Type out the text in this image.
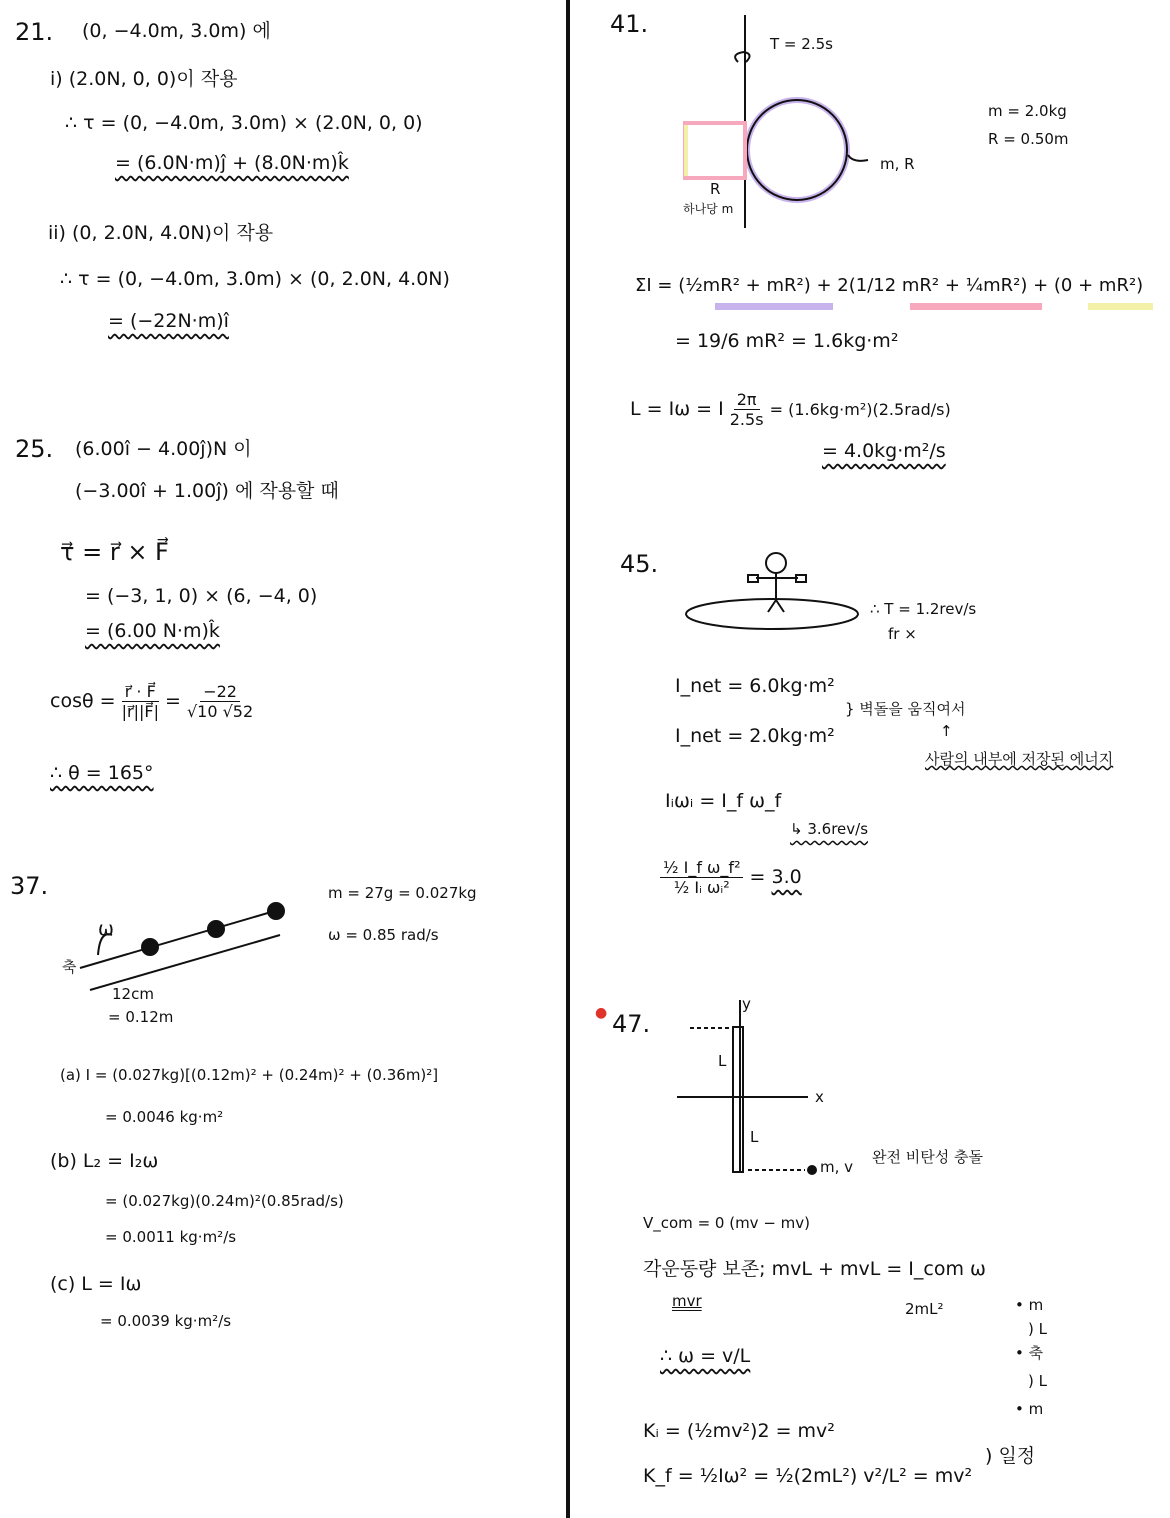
21. (0, −4.0m, 3.0m) 에
i) (2.0N, 0, 0)이 작용
∴ τ = (0, −4.0m, 3.0m) × (2.0N, 0, 0)
= (6.0N·m)ĵ + (8.0N·m)k̂
ii) (0, 2.0N, 4.0N)이 작용
∴ τ = (0, −4.0m, 3.0m) × (0, 2.0N, 4.0N)
= (−22N·m)î
25. (6.00î − 4.00ĵ)N 이
(−3.00î + 1.00ĵ) 에 작용할 때
τ⃗ = r⃗ × F⃗
= (−3, 1, 0) × (6, −4, 0)
= (6.00 N·m)k̂
$\cos\theta = \frac{r⃗ \cdot F⃗}{|r⃗||F⃗|} = \frac{-22}{√10 √52}$
∴ θ = 165°
37.	m = 27g = 0.027kg
ω = 0.85 rad/s
ω
축
12cm
= 0.12m
(a) I = (0.027kg)[(0.12m)² + (0.24m)² + (0.36m)²]
= 0.0046 kg·m²
(b) L₂ = I₂ω
= (0.027kg)(0.24m)²(0.85rad/s)
= 0.0011 kg·m²/s
(c) L = Iω
= 0.0039 kg·m²/s
41.
T = 2.5s
m = 2.0kg
R = 0.50m
m, R
R
하나당 m
ΣI = (½mR² + mR²) + 2(1/12 mR² + ¼mR²) + (0 + mR²)
= 19/6 mR² = 1.6kg·m²
L = Iω = I $\frac{2\pi}{2.5s} = (1.6kg\cdot m^2)(2.5rad/s)$
= 4.0kg·m²/s
45.
∴ T = 1.2rev/s
fr ×
I_net = 6.0kg·m²
I_net = 2.0kg·m²
} 벽돌을 움직여서
↑
사람의 내부에 저장된 에너지
Iᵢωᵢ = I_f ω_f
↳ 3.6rev/s
$\frac{\text{½ I\_f ω\_f²}}{\text{½ Iᵢ ωᵢ²}} = 3.0$
● 47.
y
x
L
L
m, v
완전 비탄성 충돌
V_com = 0 (mv − mv)
각운동량 보존; mvL + mvL = I_com ω
mvr	2mL²
∴ ω = v/L
• m
) L
• 축
) L
• m
Kᵢ = (½mv²)2 = mv²
K_f = ½Iω² = ½(2mL²) v²/L² = mv²
) 일정
